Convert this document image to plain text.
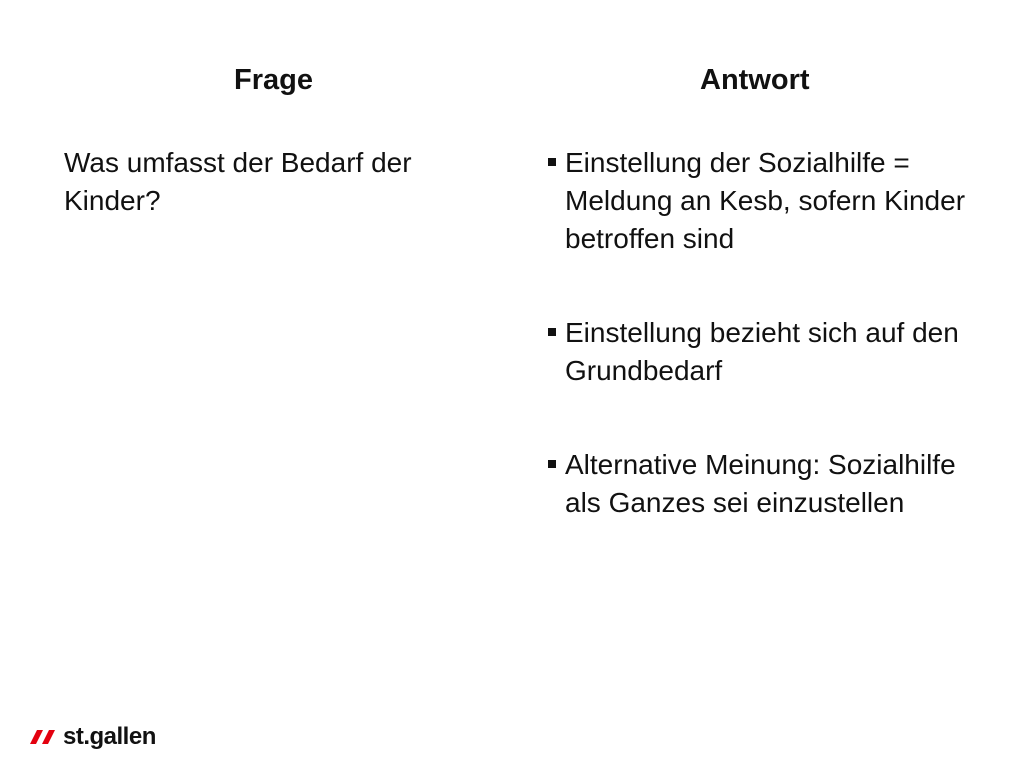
Frage	Antwort
Was umfasst der Bedarf der Kinder?
Einstellung der Sozialhilfe = Meldung an Kesb, sofern Kinder betroffen sind
Einstellung bezieht sich auf den Grundbedarf
Alternative Meinung: Sozialhilfe als Ganzes sei einzustellen
st.gallen
